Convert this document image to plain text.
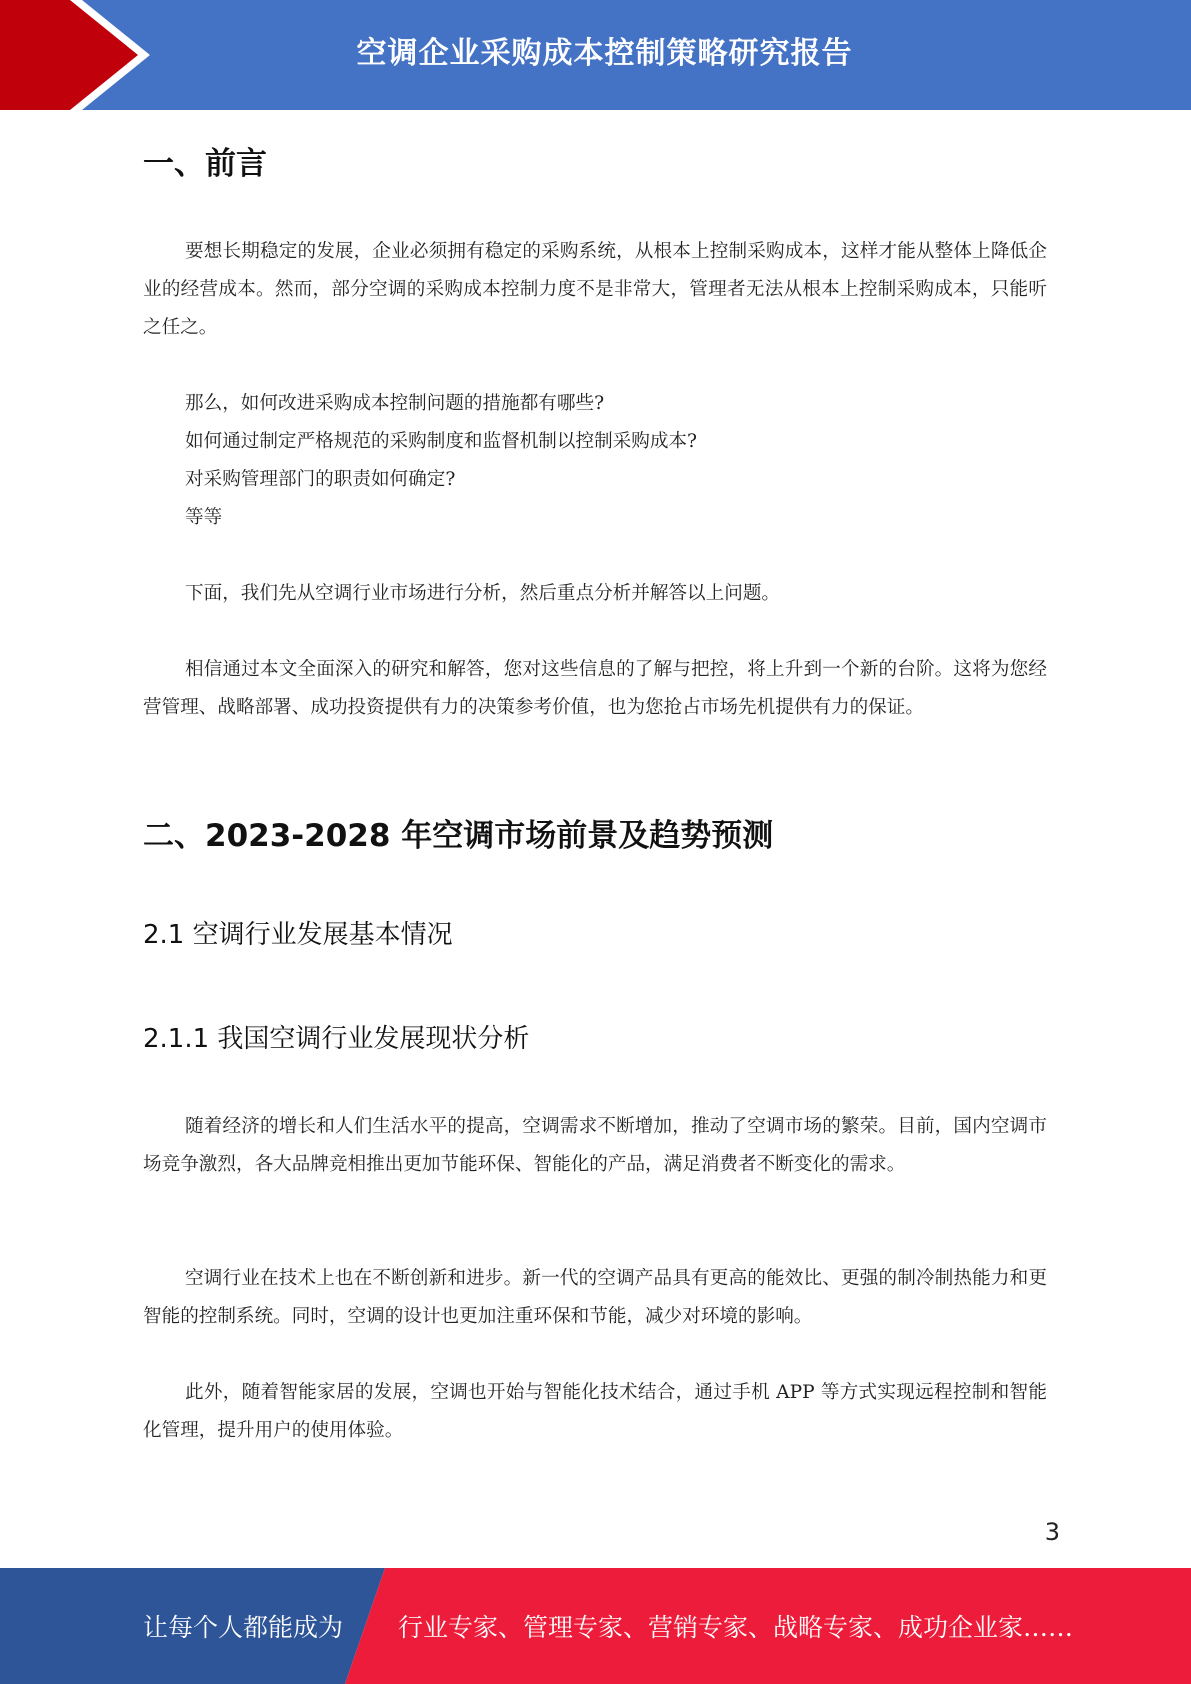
空调企业采购成本控制策略研究报告
一、前言
要想长期稳定的发展，企业必须拥有稳定的采购系统，从根本上控制采购成本，这样才能从整体上降低企业的经营成本。然而，部分空调的采购成本控制力度不是非常大，管理者无法从根本上控制采购成本，只能听之任之。
那么，如何改进采购成本控制问题的措施都有哪些?
如何通过制定严格规范的采购制度和监督机制以控制采购成本?
对采购管理部门的职责如何确定?
等等
下面，我们先从空调行业市场进行分析，然后重点分析并解答以上问题。
相信通过本文全面深入的研究和解答，您对这些信息的了解与把控，将上升到一个新的台阶。这将为您经营管理、战略部署、成功投资提供有力的决策参考价值，也为您抢占市场先机提供有力的保证。
二、2023-2028 年空调市场前景及趋势预测
2.1 空调行业发展基本情况
2.1.1 我国空调行业发展现状分析
随着经济的增长和人们生活水平的提高，空调需求不断增加，推动了空调市场的繁荣。目前，国内空调市场竞争激烈，各大品牌竞相推出更加节能环保、智能化的产品，满足消费者不断变化的需求。
空调行业在技术上也在不断创新和进步。新一代的空调产品具有更高的能效比、更强的制冷制热能力和更智能的控制系统。同时，空调的设计也更加注重环保和节能，减少对环境的影响。
此外，随着智能家居的发展，空调也开始与智能化技术结合，通过手机 APP 等方式实现远程控制和智能化管理，提升用户的使用体验。
3
让每个人都能成为 行业专家、管理专家、营销专家、战略专家、成功企业家……
